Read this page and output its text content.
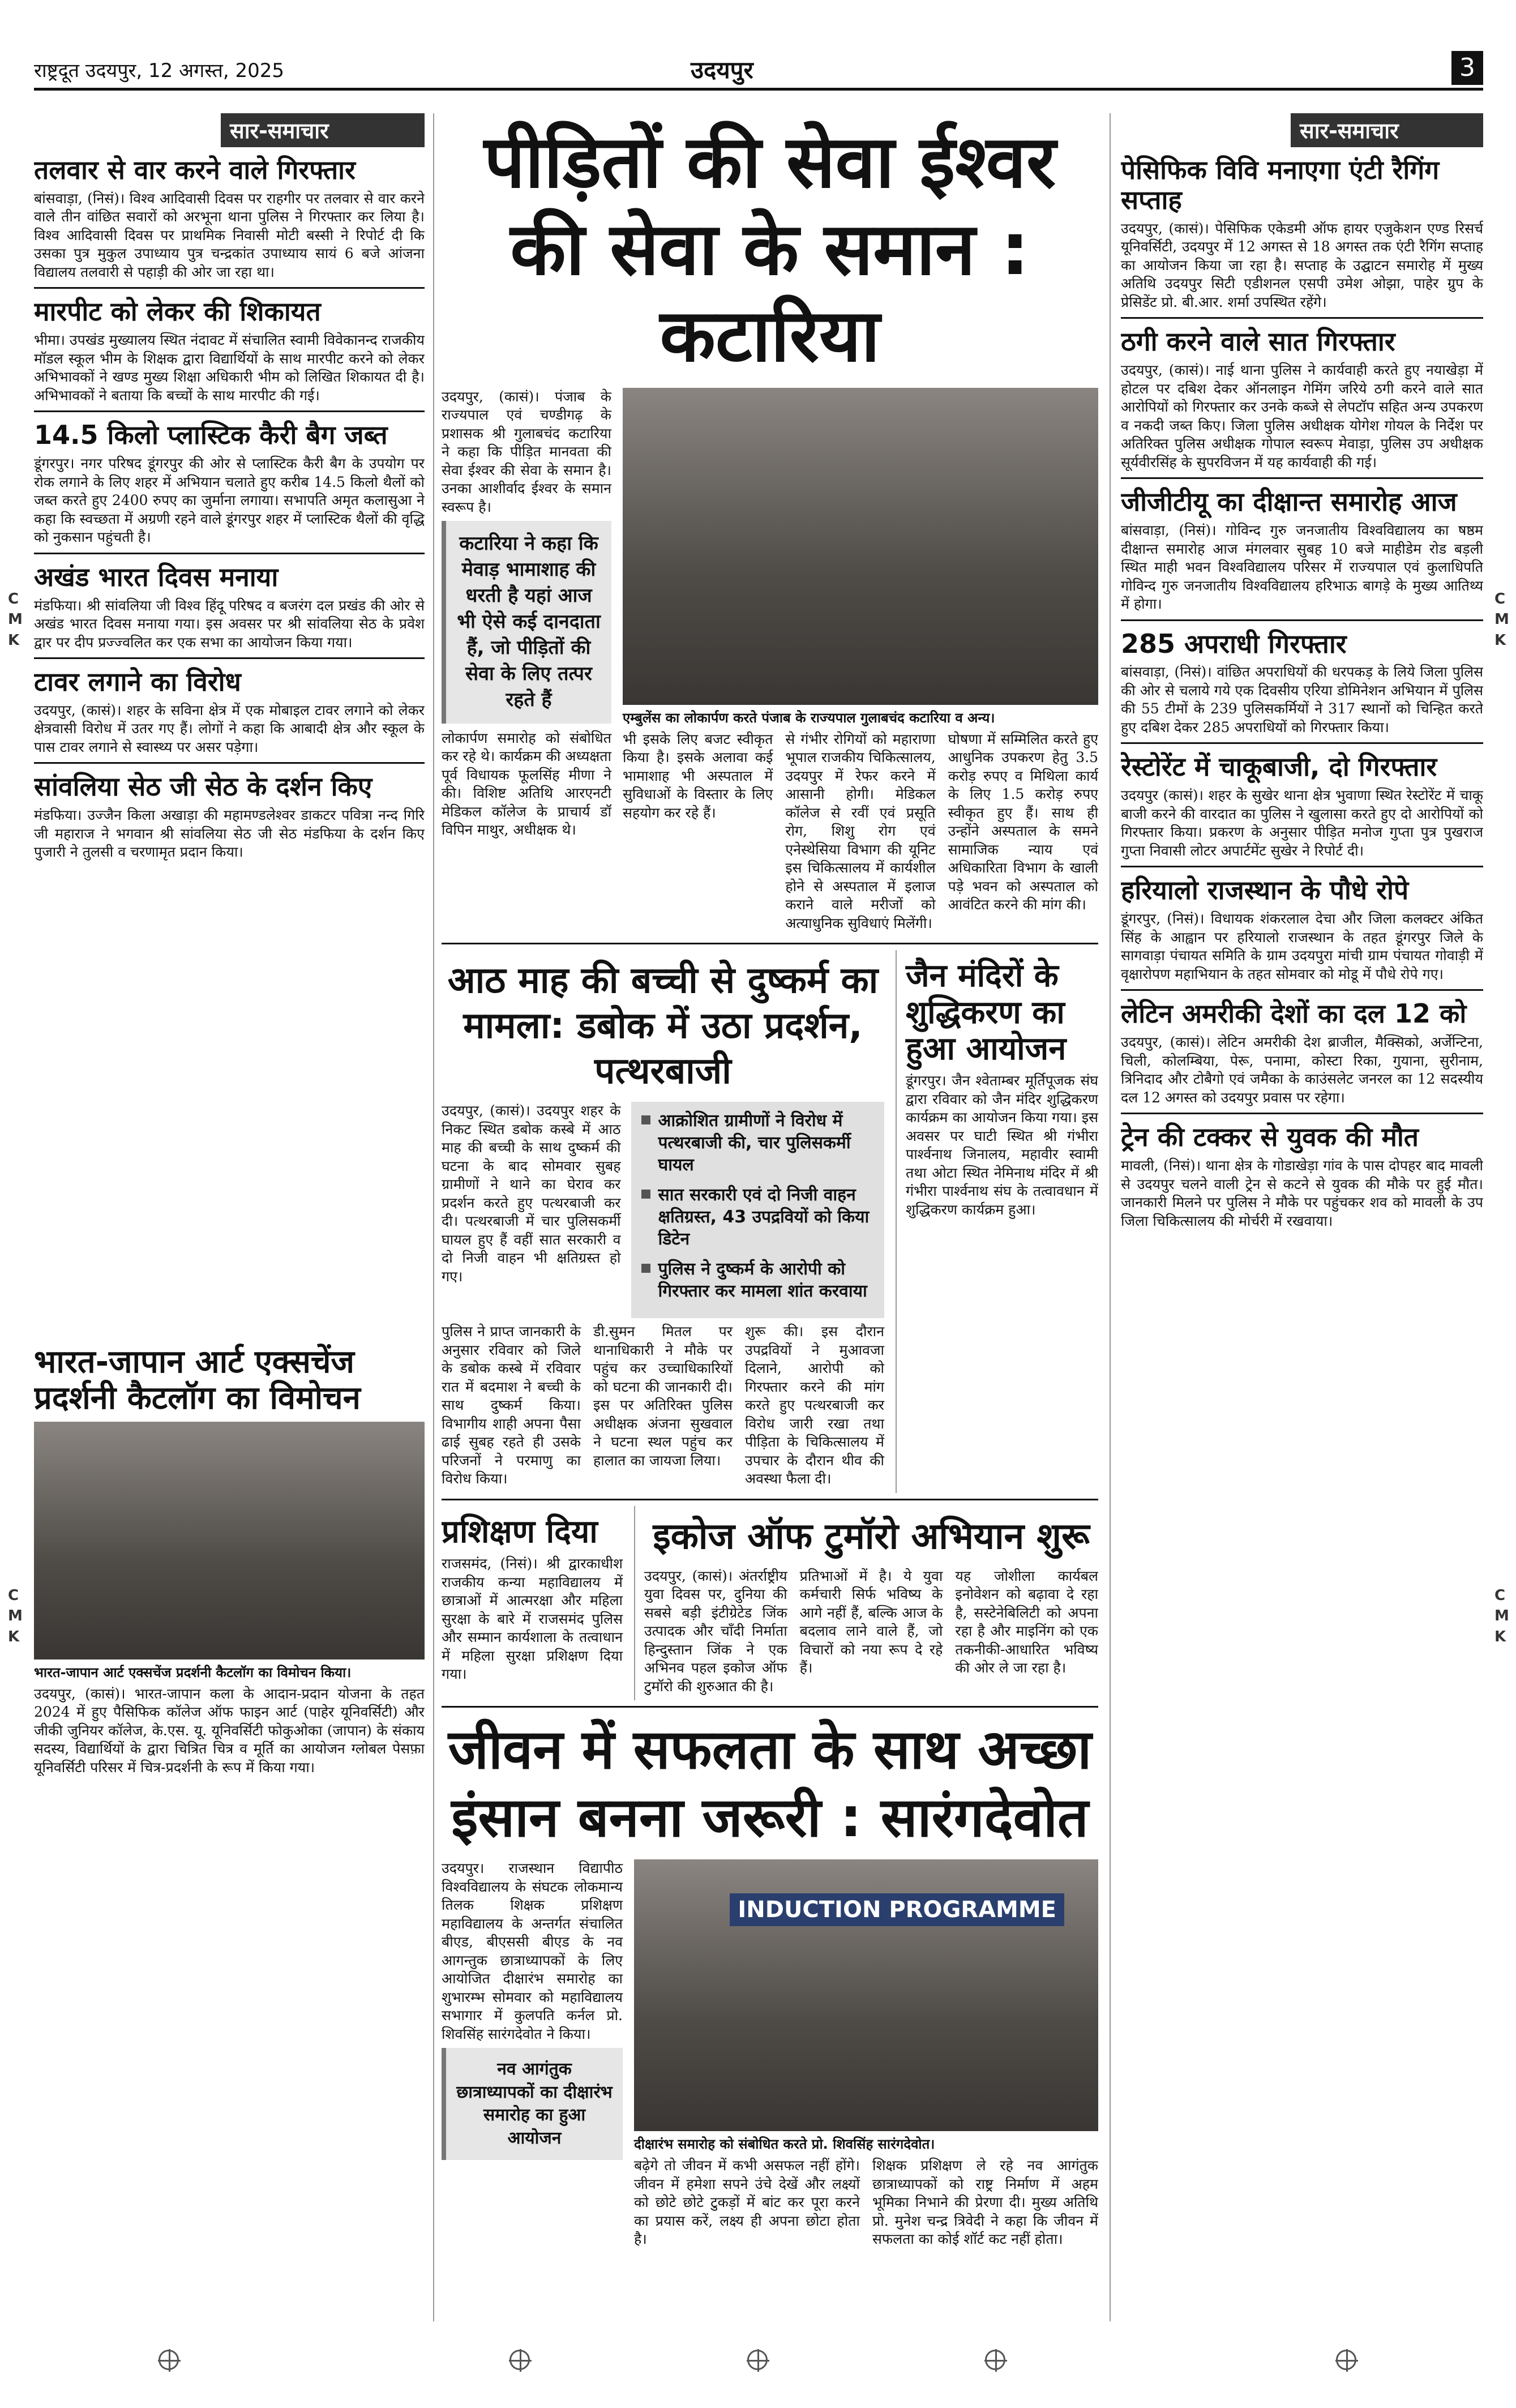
राष्ट्रदूत उदयपुर, 12 अगस्त, 2025	उदयपुर	3
सार-समाचार
तलवार से वार करने वाले गिरफ्तार
बांसवाड़ा, (निसं)। विश्व आदिवासी दिवस पर राहगीर पर तलवार से वार करने वाले तीन वांछित सवारों को अरभूना थाना पुलिस ने गिरफ्तार कर लिया है। विश्व आदिवासी दिवस पर प्राथमिक निवासी मोटी बस्सी ने रिपोर्ट दी कि उसका पुत्र मुकुल उपाध्याय पुत्र चन्द्रकांत उपाध्याय सायं 6 बजे आंजना विद्यालय तलवारी से पहाड़ी की ओर जा रहा था।
मारपीट को लेकर की शिकायत
भीमा। उपखंड मुख्यालय स्थित नंदावट में संचालित स्वामी विवेकानन्द राजकीय मॉडल स्कूल भीम के शिक्षक द्वारा विद्यार्थियों के साथ मारपीट करने को लेकर अभिभावकों ने खण्ड मुख्य शिक्षा अधिकारी भीम को लिखित शिकायत दी है। अभिभावकों ने बताया कि बच्चों के साथ मारपीट की गई।
14.5 किलो प्लास्टिक कैरी बैग जब्त
डूंगरपुर। नगर परिषद डूंगरपुर की ओर से प्लास्टिक कैरी बैग के उपयोग पर रोक लगाने के लिए शहर में अभियान चलाते हुए करीब 14.5 किलो थैलों को जब्त करते हुए 2400 रुपए का जुर्माना लगाया। सभापति अमृत कलासुआ ने कहा कि स्वच्छता में अग्रणी रहने वाले डूंगरपुर शहर में प्लास्टिक थैलों की वृद्धि को नुकसान पहुंचती है।
अखंड भारत दिवस मनाया
मंडफिया। श्री सांवलिया जी विश्व हिंदू परिषद व बजरंग दल प्रखंड की ओर से अखंड भारत दिवस मनाया गया। इस अवसर पर श्री सांवलिया सेठ के प्रवेश द्वार पर दीप प्रज्ज्वलित कर एक सभा का आयोजन किया गया।
टावर लगाने का विरोध
उदयपुर, (कासं)। शहर के सविना क्षेत्र में एक मोबाइल टावर लगाने को लेकर क्षेत्रवासी विरोध में उतर गए हैं। लोगों ने कहा कि आबादी क्षेत्र और स्कूल के पास टावर लगाने से स्वास्थ्य पर असर पड़ेगा।
सांवलिया सेठ जी सेठ के दर्शन किए
मंडफिया। उज्जैन किला अखाड़ा की महामण्डलेश्वर डाकटर पवित्रा नन्द गिरि जी महाराज ने भगवान श्री सांवलिया सेठ जी सेठ मंडफिया के दर्शन किए पुजारी ने तुलसी व चरणामृत प्रदान किया।
भारत-जापान आर्ट एक्सचेंज प्रदर्शनी कैटलॉग का विमोचन
भारत-जापान आर्ट एक्सचेंज प्रदर्शनी कैटलॉग का विमोचन किया।
उदयपुर, (कासं)। भारत-जापान कला के आदान-प्रदान योजना के तहत 2024 में हुए पैसिफिक कॉलेज ऑफ फाइन आर्ट (पाहेर यूनिवर्सिटी) और जीकी जुनियर कॉलेज, के.एस. यू. यूनिवर्सिटी फोकुओका (जापान) के संकाय सदस्य, विद्यार्थियों के द्वारा चित्रित चित्र व मूर्ति का आयोजन ग्लोबल पेसफ़ा यूनिवर्सिटी परिसर में चित्र-प्रदर्शनी के रूप में किया गया।
पीड़ितों की सेवा ईश्वर की सेवा के समान : कटारिया
उदयपुर, (कासं)। पंजाब के राज्यपाल एवं चण्डीगढ़ के प्रशासक श्री गुलाबचंद कटारिया ने कहा कि पीड़ित मानवता की सेवा ईश्वर की सेवा के समान है। उनका आशीर्वाद ईश्वर के समान स्वरूप है।
कटारिया ने कहा कि मेवाड़ भामाशाह की धरती है यहां आज भी ऐसे कई दानदाता हैं, जो पीड़ितों की सेवा के लिए तत्पर रहते हैं
लोकार्पण समारोह को संबोधित कर रहे थे। कार्यक्रम की अध्यक्षता पूर्व विधायक फूलसिंह मीणा ने की। विशिष्ट अतिथि आरएनटी मेडिकल कॉलेज के प्राचार्य डॉ विपिन माथुर, अधीक्षक थे।
एम्बुलेंस का लोकार्पण करते पंजाब के राज्यपाल गुलाबचंद कटारिया व अन्य।
भी इसके लिए बजट स्वीकृत किया है। इसके अलावा कई भामाशाह भी अस्पताल में सुविधाओं के विस्तार के लिए सहयोग कर रहे हैं।
से गंभीर रोगियों को महाराणा भूपाल राजकीय चिकित्सालय, उदयपुर में रेफर करने में आसानी होगी। मेडिकल कॉलेज से रवीं एवं प्रसूति रोग, शिशु रोग एवं एनेस्थेसिया विभाग की यूनिट इस चिकित्सालय में कार्यशील होने से अस्पताल में इलाज कराने वाले मरीजों को अत्याधुनिक सुविधाएं मिलेंगी।
घोषणा में सम्मिलित करते हुए आधुनिक उपकरण हेतु 3.5 करोड़ रुपए व मिथिला कार्य के लिए 1.5 करोड़ रुपए स्वीकृत हुए हैं। साथ ही उन्होंने अस्पताल के समने सामाजिक न्याय एवं अधिकारिता विभाग के खाली पड़े भवन को अस्पताल को आवंटित करने की मांग की।
आठ माह की बच्ची से दुष्कर्म का मामला: डबोक में उठा प्रदर्शन, पत्थरबाजी
उदयपुर, (कासं)। उदयपुर शहर के निकट स्थित डबोक कस्बे में आठ माह की बच्ची के साथ दुष्कर्म की घटना के बाद सोमवार सुबह ग्रामीणों ने थाने का घेराव कर प्रदर्शन करते हुए पत्थरबाजी कर दी। पत्थरबाजी में चार पुलिसकर्मी घायल हुए हैं वहीं सात सरकारी व दो निजी वाहन भी क्षतिग्रस्त हो गए।
आक्रोशित ग्रामीणों ने विरोध में पत्थरबाजी की, चार पुलिसकर्मी घायल
सात सरकारी एवं दो निजी वाहन क्षतिग्रस्त, 43 उपद्रवियों को किया डिटेन
पुलिस ने दुष्कर्म के आरोपी को गिरफ्तार कर मामला शांत करवाया
पुलिस ने प्राप्त जानकारी के अनुसार रविवार को जिले के डबोक कस्बे में रविवार रात में बदमाश ने बच्ची के साथ दुष्कर्म किया। विभागीय शाही अपना पैसा ढाई सुबह रहते ही उसके परिजनों ने परमाणु का विरोध किया।
डी.सुमन मितल पर थानाधिकारी ने मौके पर पहुंच कर उच्चाधिकारियों को घटना की जानकारी दी। इस पर अतिरिक्त पुलिस अधीक्षक अंजना सुखवाल ने घटना स्थल पहुंच कर हालात का जायजा लिया।
शुरू की। इस दौरान उपद्रवियों ने मुआवजा दिलाने, आरोपी को गिरफ्तार करने की मांग करते हुए पत्थरबाजी कर विरोध जारी रखा तथा पीड़िता के चिकित्सालय में उपचार के दौरान थीव की अवस्था फैला दी।
जैन मंदिरों के शुद्धिकरण का हुआ आयोजन
डूंगरपुर। जैन श्वेताम्बर मूर्तिपूजक संघ द्वारा रविवार को जैन मंदिर शुद्धिकरण कार्यक्रम का आयोजन किया गया। इस अवसर पर घाटी स्थित श्री गंभीरा पार्श्वनाथ जिनालय, महावीर स्वामी तथा ओटा स्थित नेमिनाथ मंदिर में श्री गंभीरा पार्श्वनाथ संघ के तत्वावधान में शुद्धिकरण कार्यक्रम हुआ।
प्रशिक्षण दिया
राजसमंद, (निसं)। श्री द्वारकाधीश राजकीय कन्या महाविद्यालय में छात्राओं में आत्मरक्षा और महिला सुरक्षा के बारे में राजसमंद पुलिस और सम्मान कार्यशाला के तत्वाधान में महिला सुरक्षा प्रशिक्षण दिया गया।
इकोज ऑफ टुमॉरो अभियान शुरू
उदयपुर, (कासं)। अंतर्राष्ट्रीय युवा दिवस पर, दुनिया की सबसे बड़ी इंटीग्रेटेड जिंक उत्पादक और चाँदी निर्माता हिन्दुस्तान जिंक ने एक अभिनव पहल इकोज ऑफ टुमॉरो की शुरुआत की है।
प्रतिभाओं में है। ये युवा कर्मचारी सिर्फ भविष्य के आगे नहीं हैं, बल्कि आज के बदलाव लाने वाले हैं, जो विचारों को नया रूप दे रहे हैं।
यह जोशीला कार्यबल इनोवेशन को बढ़ावा दे रहा है, सस्टेनेबिलिटी को अपना रहा है और माइनिंग को एक तकनीकी-आधारित भविष्य की ओर ले जा रहा है।
जीवन में सफलता के साथ अच्छा इंसान बनना जरूरी : सारंगदेवोत
उदयपुर। राजस्थान विद्यापीठ विश्वविद्यालय के संघटक लोकमान्य तिलक शिक्षक प्रशिक्षण महाविद्यालय के अन्तर्गत संचालित बीएड, बीएससी बीएड के नव आगन्तुक छात्राध्यापकों के लिए आयोजित दीक्षारंभ समारोह का शुभारम्भ सोमवार को महाविद्यालय सभागार में कुलपति कर्नल प्रो. शिवसिंह सारंगदेवोत ने किया।
नव आगंतुक छात्राध्यापकों का दीक्षारंभ समारोह का हुआ आयोजन
INDUCTION PROGRAMME
दीक्षारंभ समारोह को संबोधित करते प्रो. शिवसिंह सारंगदेवोत।
बढ़ेगे तो जीवन में कभी असफल नहीं होंगे। जीवन में हमेशा सपने उंचे देखें और लक्ष्यों को छोटे छोटे टुकड़ों में बांट कर पूरा करने का प्रयास करें, लक्ष्य ही अपना छोटा होता है।
शिक्षक प्रशिक्षण ले रहे नव आगंतुक छात्राध्यापकों को राष्ट्र निर्माण में अहम भूमिका निभाने की प्रेरणा दी। मुख्य अतिथि प्रो. मुनेश चन्द्र त्रिवेदी ने कहा कि जीवन में सफलता का कोई शॉर्ट कट नहीं होता।
सार-समाचार
पेसिफिक विवि मनाएगा एंटी रैगिंग सप्ताह
उदयपुर, (कासं)। पेसिफिक एकेडमी ऑफ हायर एजुकेशन एण्ड रिसर्च यूनिवर्सिटी, उदयपुर में 12 अगस्त से 18 अगस्त तक एंटी रैगिंग सप्ताह का आयोजन किया जा रहा है। सप्ताह के उद्घाटन समारोह में मुख्य अतिथि उदयपुर सिटी एडीशनल एसपी उमेश ओझा, पाहेर ग्रुप के प्रेसिडेंट प्रो. बी.आर. शर्मा उपस्थित रहेंगे।
ठगी करने वाले सात गिरफ्तार
उदयपुर, (कासं)। नाई थाना पुलिस ने कार्यवाही करते हुए नयाखेड़ा में होटल पर दबिश देकर ऑनलाइन गेमिंग जरिये ठगी करने वाले सात आरोपियों को गिरफ्तार कर उनके कब्जे से लेपटॉप सहित अन्य उपकरण व नकदी जब्त किए। जिला पुलिस अधीक्षक योगेश गोयल के निर्देश पर अतिरिक्त पुलिस अधीक्षक गोपाल स्वरूप मेवाड़ा, पुलिस उप अधीक्षक सूर्यवीरसिंह के सुपरविजन में यह कार्यवाही की गई।
जीजीटीयू का दीक्षान्त समारोह आज
बांसवाड़ा, (निसं)। गोविन्द गुरु जनजातीय विश्वविद्यालय का षष्ठम दीक्षान्त समारोह आज मंगलवार सुबह 10 बजे माहीडेम रोड बड़ली स्थित माही भवन विश्वविद्यालय परिसर में राज्यपाल एवं कुलाधिपति गोविन्द गुरु जनजातीय विश्वविद्यालय हरिभाऊ बागड़े के मुख्य आतिथ्य में होगा।
285 अपराधी गिरफ्तार
बांसवाड़ा, (निसं)। वांछित अपराधियों की धरपकड़ के लिये जिला पुलिस की ओर से चलाये गये एक दिवसीय एरिया डोमिनेशन अभियान में पुलिस की 55 टीमों के 239 पुलिसकर्मियों ने 317 स्थानों को चिन्हित करते हुए दबिश देकर 285 अपराधियों को गिरफ्तार किया।
रेस्टोरेंट में चाकूबाजी, दो गिरफ्तार
उदयपुर (कासं)। शहर के सुखेर थाना क्षेत्र भुवाणा स्थित रेस्टोरेंट में चाकू बाजी करने की वारदात का पुलिस ने खुलासा करते हुए दो आरोपियों को गिरफ्तार किया। प्रकरण के अनुसार पीड़ित मनोज गुप्ता पुत्र पुखराज गुप्ता निवासी लोटर अपार्टमेंट सुखेर ने रिपोर्ट दी।
हरियालो राजस्थान के पौधे रोपे
डूंगरपुर, (निसं)। विधायक शंकरलाल देचा और जिला कलक्टर अंकित सिंह के आह्वान पर हरियालो राजस्थान के तहत डूंगरपुर जिले के सागवाड़ा पंचायत समिति के ग्राम उदयपुरा मांची ग्राम पंचायत गोवाड़ी में वृक्षारोपण महाभियान के तहत सोमवार को मोडू में पौधे रोपे गए।
लेटिन अमरीकी देशों का दल 12 को
उदयपुर, (कासं)। लेटिन अमरीकी देश ब्राजील, मैक्सिको, अर्जेन्टिना, चिली, कोलम्बिया, पेरू, पनामा, कोस्टा रिका, गुयाना, सुरीनाम, त्रिनिदाद और टोबैगो एवं जमैका के काउंसलेट जनरल का 12 सदस्यीय दल 12 अगस्त को उदयपुर प्रवास पर रहेगा।
ट्रेन की टक्कर से युवक की मौत
मावली, (निसं)। थाना क्षेत्र के गोडाखेड़ा गांव के पास दोपहर बाद मावली से उदयपुर चलने वाली ट्रेन से कटने से युवक की मौके पर हुई मौत। जानकारी मिलने पर पुलिस ने मौके पर पहुंचकर शव को मावली के उप जिला चिकित्सालय की मोर्चरी में रखवाया।
C
M
K
C
M
K
C
M
K
C
M
K
